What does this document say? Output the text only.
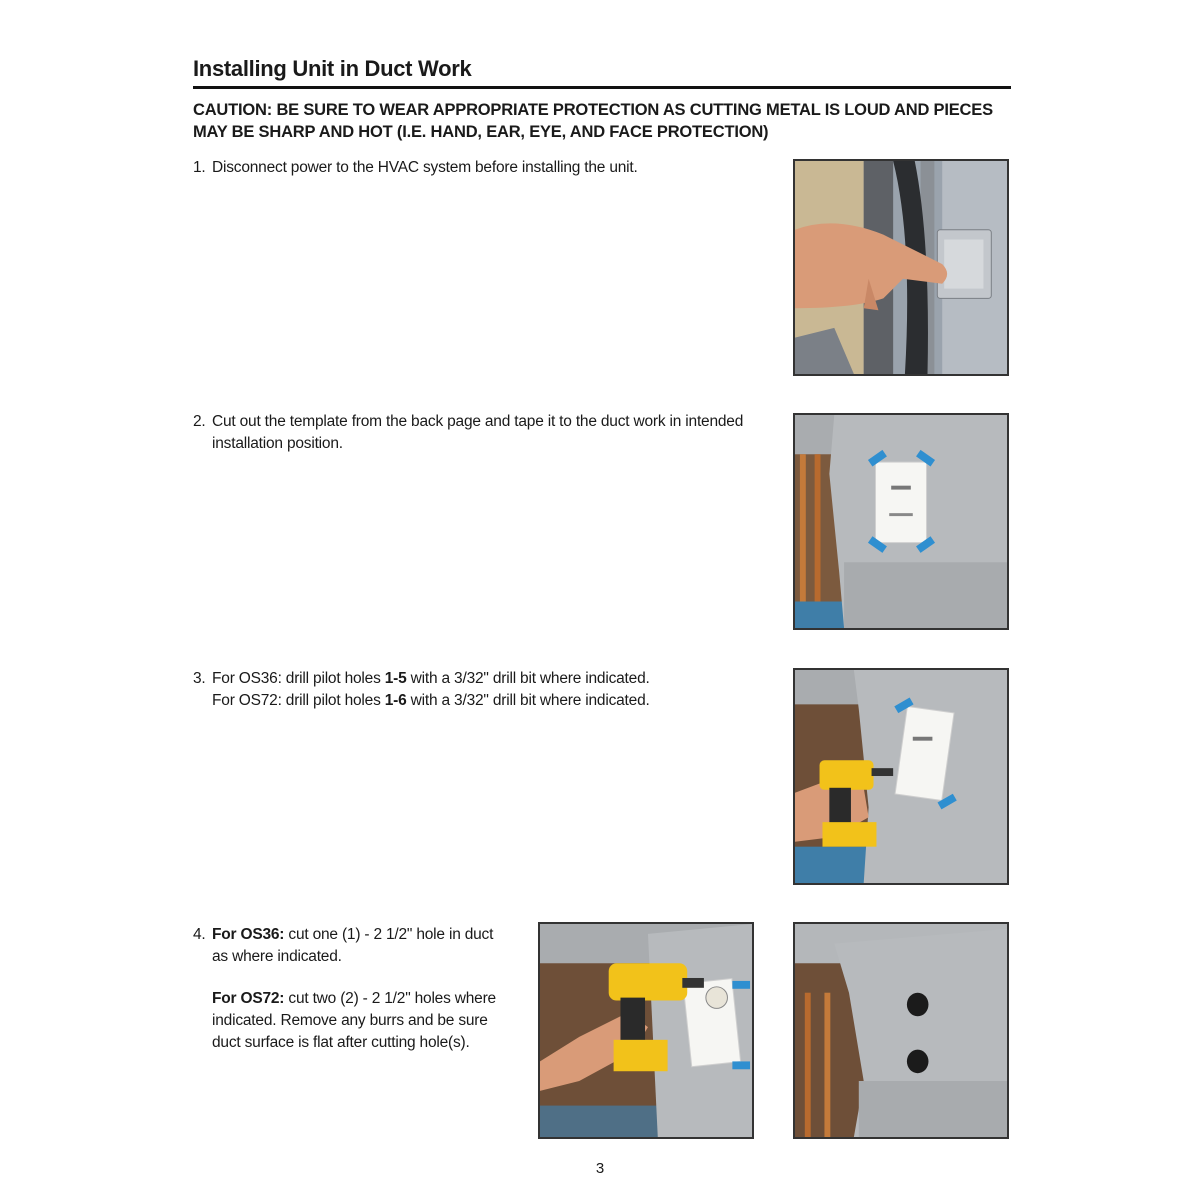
Installing Unit in Duct Work
CAUTION: BE SURE TO WEAR APPROPRIATE PROTECTION AS CUTTING METAL IS LOUD AND PIECES MAY BE SHARP AND HOT (I.E. HAND, EAR, EYE, AND FACE PROTECTION)
1. Disconnect power to the HVAC system before installing the unit.

2. Cut out the template from the back page and tape it to the duct work in intended installation position.

3. For OS36: drill pilot holes 1-5 with a 3/32" drill bit where indicated.

For OS72: drill pilot holes 1-6 with a 3/32" drill bit where indicated.

4. For OS36: cut one (1) - 2 1/2" hole in duct as where indicated.

For OS72: cut two (2) - 2 1/2" holes where indicated. Remove any burrs and be sure duct surface is flat after cutting hole(s).

3
